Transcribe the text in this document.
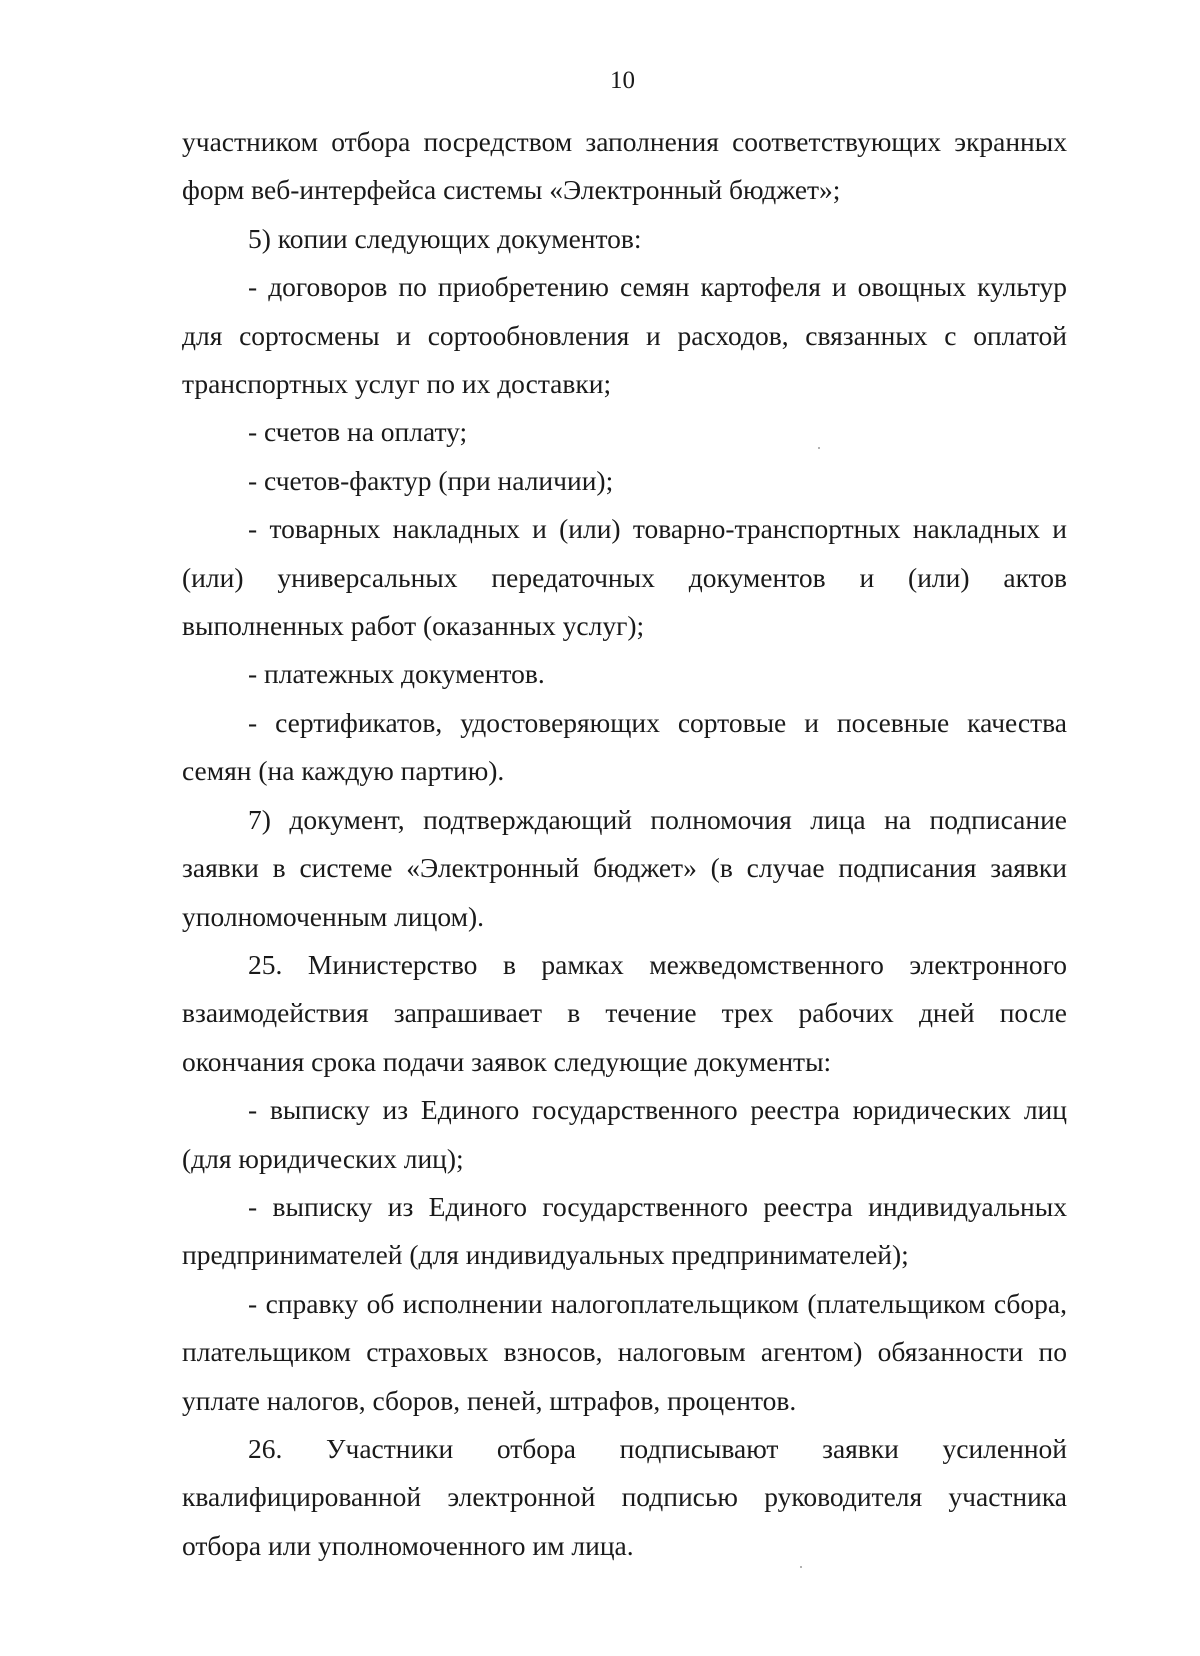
10

участником отбора посредством заполнения соответствующих экранных форм веб-интерфейса системы «Электронный бюджет»;

5) копии следующих документов:

- договоров по приобретению семян картофеля и овощных культур для сортосмены и сортообновления и расходов, связанных с оплатой транспортных услуг по их доставки;

- счетов на оплату;

- счетов-фактур (при наличии);

- товарных накладных и (или) товарно-транспортных накладных и (или) универсальных передаточных документов и (или) актов выполненных работ (оказанных услуг);

- платежных документов.

- сертификатов, удостоверяющих сортовые и посевные качества семян (на каждую партию).

7) документ, подтверждающий полномочия лица на подписание заявки в системе «Электронный бюджет» (в случае подписания заявки уполномоченным лицом).

25. Министерство в рамках межведомственного электронного взаимодействия запрашивает в течение трех рабочих дней после окончания срока подачи заявок следующие документы:

- выписку из Единого государственного реестра юридических лиц (для юридических лиц);

- выписку из Единого государственного реестра индивидуальных предпринимателей (для индивидуальных предпринимателей);

- справку об исполнении налогоплательщиком (плательщиком сбора, плательщиком страховых взносов, налоговым агентом) обязанности по уплате налогов, сборов, пеней, штрафов, процентов.

26. Участники отбора подписывают заявки усиленной квалифицированной электронной подписью руководителя участника отбора или уполномоченного им лица.
